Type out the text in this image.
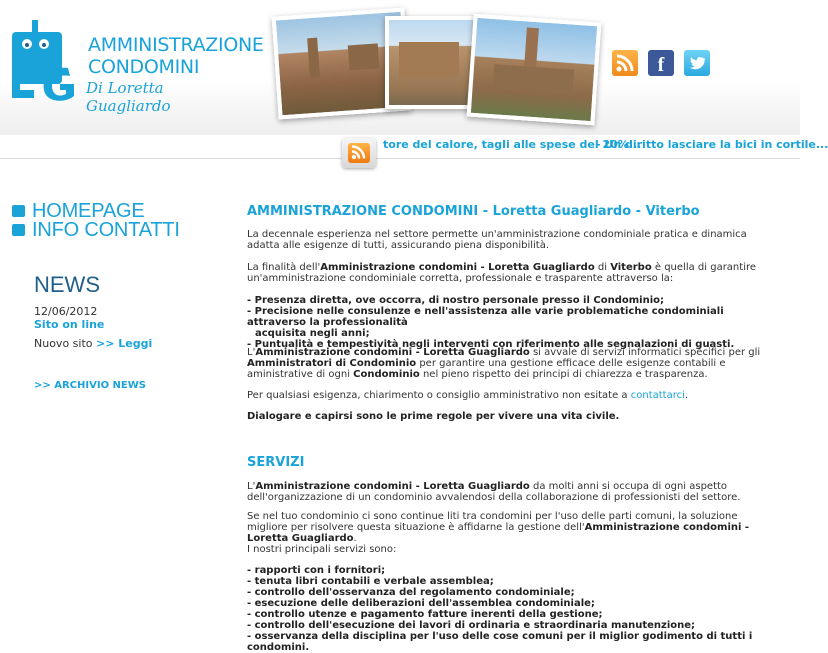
AMMINISTRAZIONE
CONDOMINI
Di Loretta Guagliardo
f
tore del calore, tagli alle spese del 20%...
- Un diritto lasciare la bici in cortile...
HOMEPAGE
INFO CONTATTI
NEWS
12/06/2012
Sito on line
Nuovo sito >> Leggi
>> ARCHIVIO NEWS
AMMINISTRAZIONE CONDOMINI - Loretta Guagliardo - Viterbo
La decennale esperienza nel settore permette un'amministrazione condominiale pratica e dinamica adatta alle esigenze di tutti, assicurando piena disponibilità.
La finalità dell'Amministrazione condomini - Loretta Guagliardo di Viterbo è quella di garantire un'amministrazione condominiale corretta, professionale e trasparente attraverso la:
- Presenza diretta, ove occorra, di nostro personale presso il Condominio;
- Precisione nelle consulenze e nell'assistenza alle varie problematiche condominiali attraverso la professionalità
acquisita negli anni;
- Puntualità e tempestività negli interventi con riferimento alle segnalazioni di guasti.
L'Amministrazione condomini - Loretta Guagliardo si avvale di servizi informatici specifici per gli Amministratori di Condominio per garantire una gestione efficace delle esigenze contabili e aministrative di ogni Condominio nel pieno rispetto dei principi di chiarezza e trasparenza.
Per qualsiasi esigenza, chiarimento o consiglio amministrativo non esitate a contattarci.
Dialogare e capirsi sono le prime regole per vivere una vita civile.
SERVIZI
L'Amministrazione condomini - Loretta Guagliardo da molti anni si occupa di ogni aspetto dell'organizzazione di un condominio avvalendosi della collaborazione di professionisti del settore.
Se nel tuo condominio ci sono continue liti tra condomini per l'uso delle parti comuni, la soluzione migliore per risolvere questa situazione è affidarne la gestione dell'Amministrazione condomini - Loretta Guagliardo.
I nostri principali servizi sono:
- rapporti con i fornitori;
- tenuta libri contabili e verbale assemblea;
- controllo dell'osservanza del regolamento condominiale;
- esecuzione delle deliberazioni dell'assemblea condominiale;
- controllo utenze e pagamento fatture inerenti della gestione;
- controllo dell'esecuzione dei lavori di ordinaria e straordinaria manutenzione;
- osservanza della disciplina per l'uso delle cose comuni per il miglior godimento di tutti i condomini.
